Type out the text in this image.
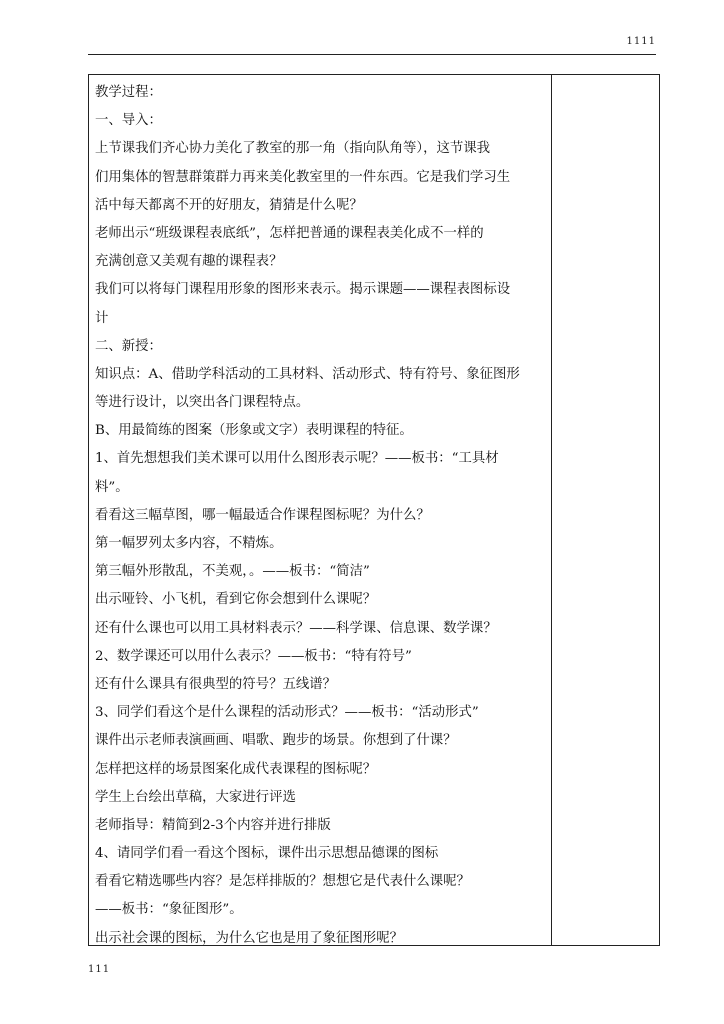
1111
教学过程：
一、导入：
上节课我们齐心协力美化了教室的那一角（指向队角等），这节课我
们用集体的智慧群策群力再来美化教室里的一件东西。它是我们学习生
活中每天都离不开的好朋友，猜猜是什么呢？
老师出示“班级课程表底纸”，怎样把普通的课程表美化成不一样的
充满创意又美观有趣的课程表？
我们可以将每门课程用形象的图形来表示。揭示课题——课程表图标设
计
二、新授：
知识点：A、借助学科活动的工具材料、活动形式、特有符号、象征图形
等进行设计，以突出各门课程特点。
B、用最简练的图案（形象或文字）表明课程的特征。
1、首先想想我们美术课可以用什么图形表示呢？——板书：“工具材
料”。
看看这三幅草图，哪一幅最适合作课程图标呢？为什么？
第一幅罗列太多内容，不精炼。
第三幅外形散乱，不美观，。——板书：“简洁”
出示哑铃、小飞机，看到它你会想到什么课呢？
还有什么课也可以用工具材料表示？——科学课、信息课、数学课？
2、数学课还可以用什么表示？——板书：“特有符号”
还有什么课具有很典型的符号？五线谱？
3、同学们看这个是什么课程的活动形式？——板书：“活动形式”
课件出示老师表演画画、唱歌、跑步的场景。你想到了什课？
怎样把这样的场景图案化成代表课程的图标呢？
学生上台绘出草稿，大家进行评选
老师指导：精简到2-3个内容并进行排版
4、请同学们看一看这个图标，课件出示思想品德课的图标
看看它精选哪些内容？是怎样排版的？想想它是代表什么课呢？
——板书：“象征图形”。
出示社会课的图标，为什么它也是用了象征图形呢？
111
